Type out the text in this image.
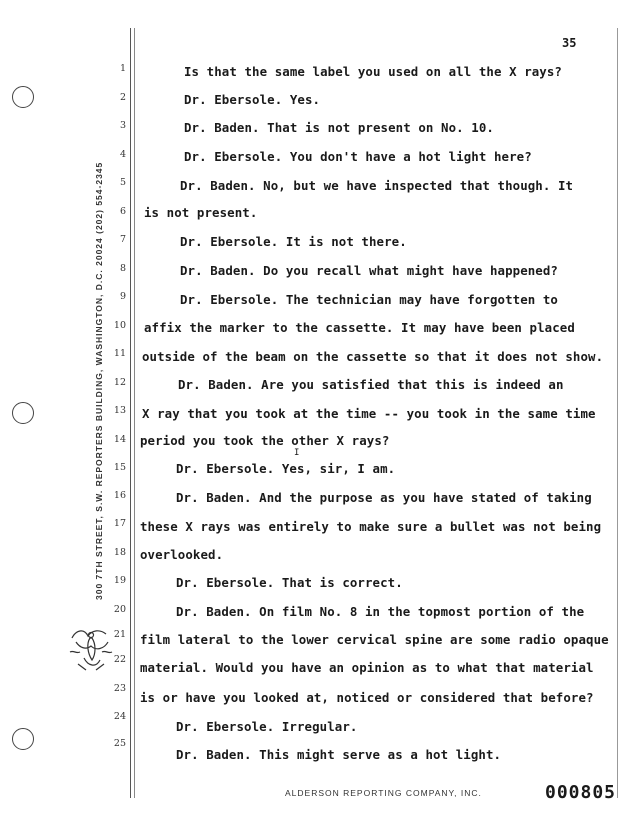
35
300 7TH STREET, S.W. REPORTERS BUILDING, WASHINGTON, D.C. 20024 (202) 554-2345
1
2
3
4
5
6
7
8
9
10
11
12
13
14
15
16
17
18
19
20
21
22
23
24
25
Is that the same label you used on all the X rays?
Dr. Ebersole. Yes.
Dr. Baden. That is not present on No. 10.
Dr. Ebersole. You don't have a hot light here?
Dr. Baden. No, but we have inspected that though. It
is not present.
Dr. Ebersole. It is not there.
Dr. Baden. Do you recall what might have happened?
Dr. Ebersole. The technician may have forgotten to
affix the marker to the cassette. It may have been placed
outside of the beam on the cassette so that it does not show.
Dr. Baden. Are you satisfied that this is indeed an
X ray that you took at the time -- you took in the same time
period you took the other X rays?
Dr. Ebersole. Yes, sir, I am.
Dr. Baden. And the purpose as you have stated of taking
these X rays was entirely to make sure a bullet was not being
overlooked.
Dr. Ebersole. That is correct.
Dr. Baden. On film No. 8 in the topmost portion of the
film lateral to the lower cervical spine are some radio opaque
material. Would you have an opinion as to what that material
is or have you looked at, noticed or considered that before?
Dr. Ebersole. Irregular.
Dr. Baden. This might serve as a hot light.
I
ALDERSON REPORTING COMPANY, INC.	000805
